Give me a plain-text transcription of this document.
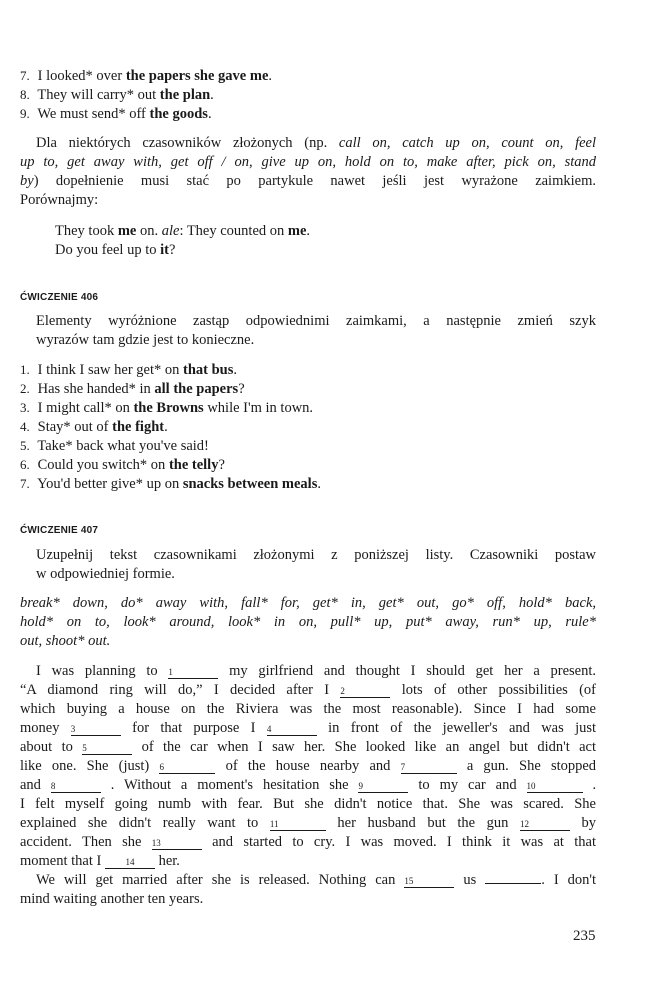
7. I looked* over the papers she gave me.
8. They will carry* out the plan.
9. We must send* off the goods.
Dla niektórych czasowników złożonych (np. call on, catch up on, count on, feel
up to, get away with, get off / on, give up on, hold on to, make after, pick on, stand
by) dopełnienie musi stać po partykule nawet jeśli jest wyrażone zaimkiem.
Porównajmy:
They took me on. ale: They counted on me.
Do you feel up to it?
ĆWICZENIE 406
Elementy wyróżnione zastąp odpowiednimi zaimkami, a następnie zmień szyk
wyrazów tam gdzie jest to konieczne.
1. I think I saw her get* on that bus.
2. Has she handed* in all the papers?
3. I might call* on the Browns while I'm in town.
4. Stay* out of the fight.
5. Take* back what you've said!
6. Could you switch* on the telly?
7. You'd better give* up on snacks between meals.
ĆWICZENIE 407
Uzupełnij tekst czasownikami złożonymi z poniższej listy. Czasowniki postaw
w odpowiedniej formie.
break* down, do* away with, fall* for, get* in, get* out, go* off, hold* back,
hold* on to, look* around, look* in on, pull* up, put* away, run* up, rule*
out, shoot* out.
I was planning to 1	my girlfriend and thought I should get her a present.
“A diamond ring will do,” I decided after I 2	lots of other possibilities (of
which buying a house on the Riviera was the most reasonable). Since I had some
money 3	for that purpose I 4	in front of the jeweller's and was just
about to 5	of the car when I saw her. She looked like an angel but didn't act
like one. She (just) 6	of the house nearby and 7	a gun. She stopped
and 8	. Without a moment's hesitation she 9	to my car and 10	.
I felt myself going numb with fear. But she didn't notice that. She was scared. She
explained she didn't really want to 11	her husband but the gun 12	by
accident. Then she 13	and started to cry. I was moved. I think it was at that
moment that I	14 her.
We will get married after she is released. Nothing can 15	us	. I don't
mind waiting another ten years.
235
